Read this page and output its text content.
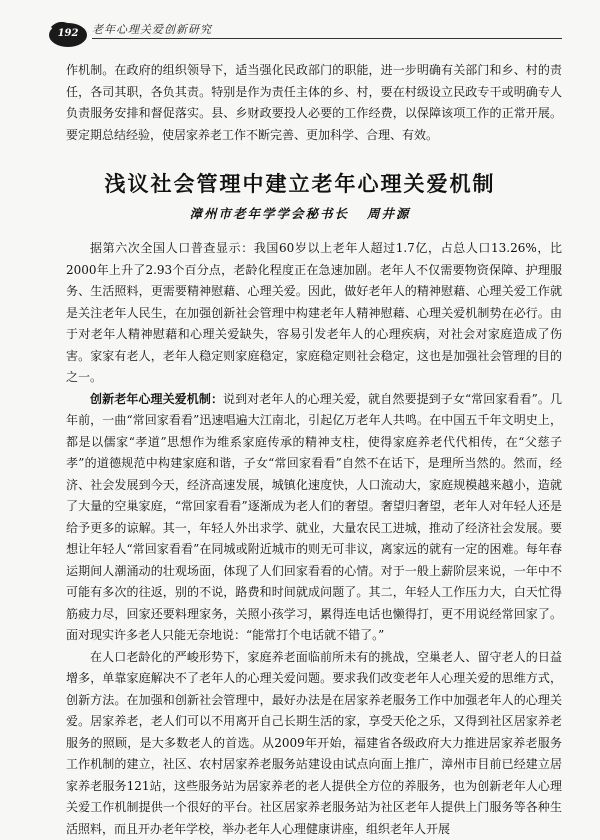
192	老年心理关爱创新研究

作机制。在政府的组织领导下，适当强化民政部门的职能，进一步明确有关部门和乡、村的责任，各司其职，各负其责。特别是作为责任主体的乡、村，要在村级设立民政专干或明确专人负责服务安排和督促落实。县、乡财政要投人必要的工作经费，以保障该项工作的正常开展。要定期总结经验，使居家养老工作不断完善、更加科学、合理、有效。

浅议社会管理中建立老年心理关爱机制
漳州市老年学学会秘书长 周井源

据第六次全国人口普查显示：我国60岁以上老年人超过1.7亿，占总人口13.26%，比2000年上升了2.93个百分点，老龄化程度正在急速加剧。老年人不仅需要物资保障、护理服务、生活照料，更需要精神慰藉、心理关爱。因此，做好老年人的精神慰藉、心理关爱工作就是关注老年人民生，在加强创新社会管理中构建老年人精神慰藉、心理关爱机制势在必行。由于对老年人精神慰藉和心理关爱缺失，容易引发老年人的心理疾病，对社会对家庭造成了伤害。家家有老人，老年人稳定则家庭稳定，家庭稳定则社会稳定，这也是加强社会管理的目的之一。

创新老年心理关爱机制：说到对老年人的心理关爱，就自然要提到子女“常回家看看”。几年前，一曲“常回家看看”迅速唱遍大江南北，引起亿万老年人共鸣。在中国五千年文明史上，都是以儒家“孝道”思想作为维系家庭传承的精神支柱，使得家庭养老代代相传，在“父慈子孝”的道德规范中构建家庭和谐，子女“常回家看看”自然不在话下，是理所当然的。然而，经济、社会发展到今天，经济高速发展，城镇化速度快，人口流动大，家庭规模越来越小，造就了大量的空巢家庭，“常回家看看”逐渐成为老人们的奢望。奢望归奢望，老年人对年轻人还是给予更多的谅解。其一，年轻人外出求学、就业，大量农民工进城，推动了经济社会发展。要想让年轻人“常回家看看”在同城或附近城市的则无可非议，离家远的就有一定的困难。每年春运期间人潮涌动的壮观场面，体现了人们回家看看的心情。对于一般上薪阶层来说，一年中不可能有多次的往返，别的不说，路费和时间就成问题了。其二，年轻人工作压力大，白天忙得筋疲力尽，回家还要料理家务，关照小孩学习，累得连电话也懒得打，更不用说经常回家了。面对现实许多老人只能无奈地说：“能常打个电话就不错了。”

在人口老龄化的严峻形势下，家庭养老面临前所未有的挑战，空巢老人、留守老人的日益增多，单靠家庭解决不了老年人的心理关爱问题。要求我们改变老年人心理关爱的思维方式，创新方法。在加强和创新社会管理中，最好办法是在居家养老服务工作中加强老年人的心理关爱。居家养老，老人们可以不用离开自己长期生活的家，享受天伦之乐，又得到社区居家养老服务的照顾，是大多数老人的首选。从2009年开始，福建省各级政府大力推进居家养老服务工作机制的建立，社区、农村居家养老服务站建设由试点向面上推广，漳州市目前已经建立居家养老服务121站，这些服务站为居家养老的老人提供全方位的养服务，也为创新老年人心理关爱工作机制提供一个很好的平台。社区居家养老服务站为社区老年人提供上门服务等各种生活照料，而且开办老年学校，举办老年人心理健康讲座，组织老年人开展
